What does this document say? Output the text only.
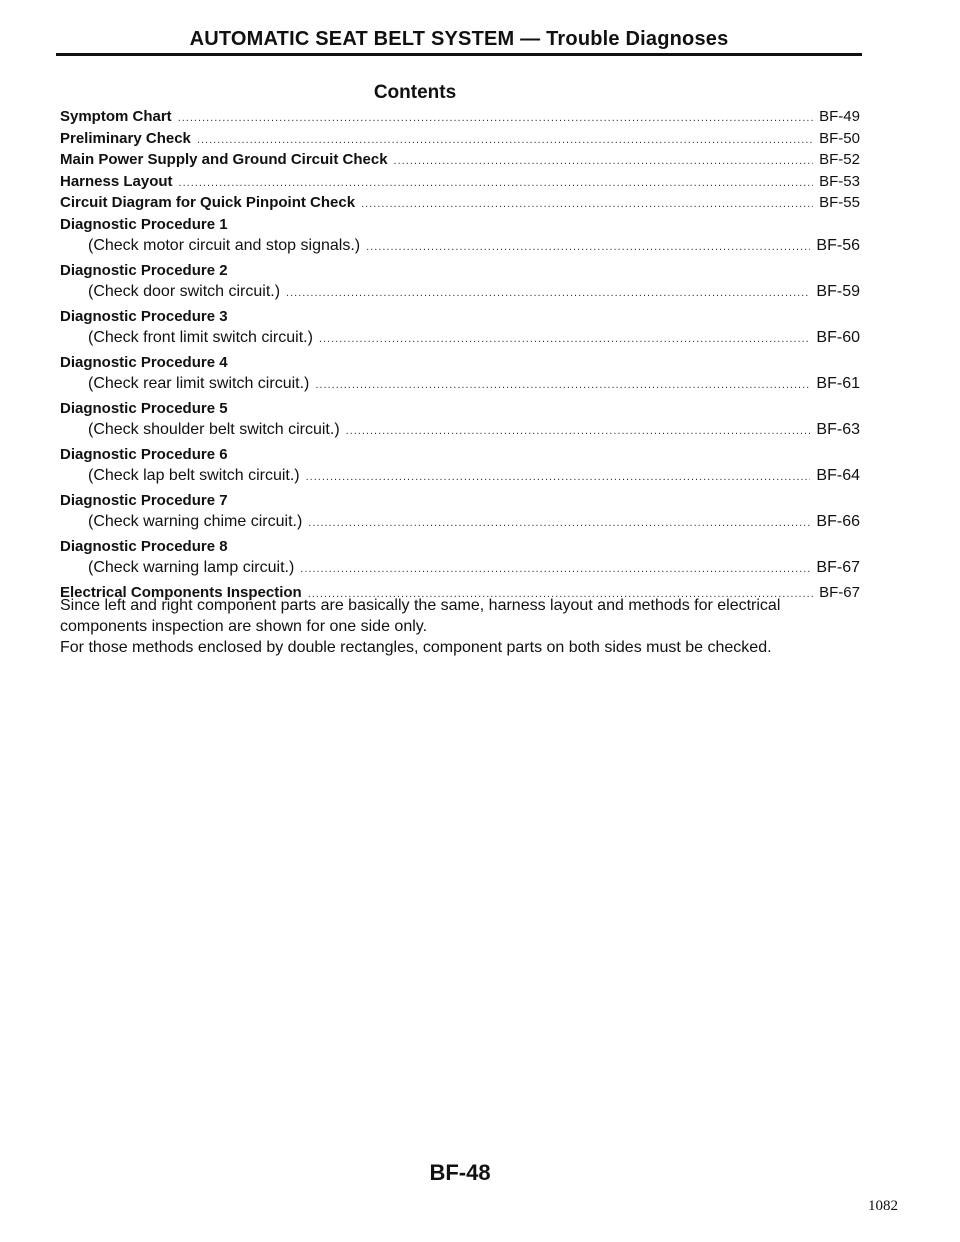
AUTOMATIC SEAT BELT SYSTEM — Trouble Diagnoses
Contents
Symptom Chart .....	BF-49
Preliminary Check .....	BF-50
Main Power Supply and Ground Circuit Check .....	BF-52
Harness Layout .....	BF-53
Circuit Diagram for Quick Pinpoint Check .....	BF-55
Diagnostic Procedure 1
(Check motor circuit and stop signals.) .....	BF-56
Diagnostic Procedure 2
(Check door switch circuit.) .....	BF-59
Diagnostic Procedure 3
(Check front limit switch circuit.) .....	BF-60
Diagnostic Procedure 4
(Check rear limit switch circuit.) .....	BF-61
Diagnostic Procedure 5
(Check shoulder belt switch circuit.) .....	BF-63
Diagnostic Procedure 6
(Check lap belt switch circuit.) .....	BF-64
Diagnostic Procedure 7
(Check warning chime circuit.) .....	BF-66
Diagnostic Procedure 8
(Check warning lamp circuit.) .....	BF-67
Electrical Components Inspection .....	BF-67

Since left and right component parts are basically the same, harness layout and methods for electrical

components inspection are shown for one side only.

For those methods enclosed by double rectangles, component parts on both sides must be checked.

BF-48
1082
